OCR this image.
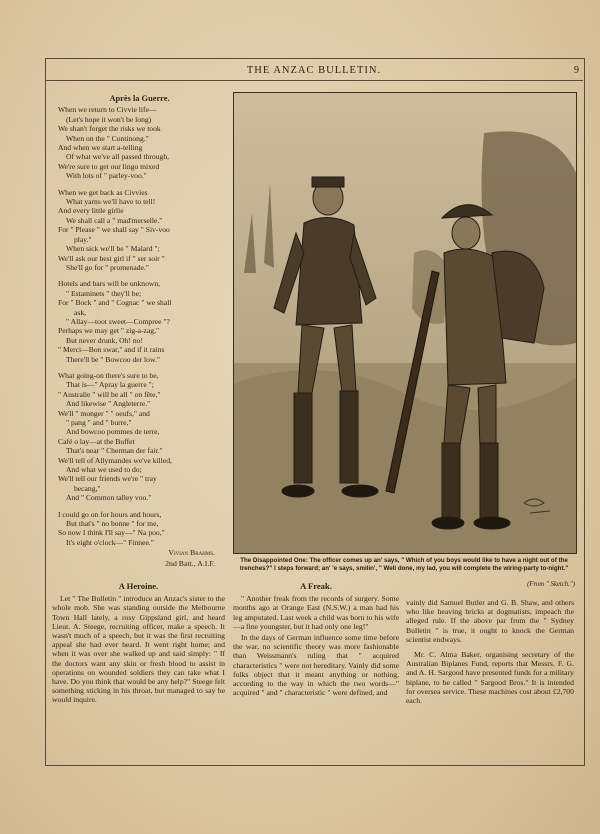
THE ANZAC BULLETIN.	9
Après la Guerre.
When we return to Civvie life—
(Let's hope it won't be long)
We shan't forget the risks we took
When on the " Continong."
And when we start a-telling
Of what we've all passed through,
We're sure to get our lingo mixed
With lots of " parley-voo."
When we get back as Civvies
What yarns we'll have to tell!
And every little girlie
We shall call a " mad'merselle."
For " Please " we shall say " Siv-voo
play."
When sick we'll be " Malard ";
We'll ask our best girl if " ser soir "
She'll go for " promenade."
Hotels and bars will be unknown,
" Estaminets " they'll be;
For " Bock " and " Cognac " we shall
ask,
" Allay—toot sweet—Compree "?
Perhaps we may get " zig-a-zag,"
But never drunk, Oh! no!
" Merci—Bon swar," and if it rains
There'll be " Bowcoo der low."
What going-on there's sure to be,
That is—" Apray la guerre ";
" Australie " will be all " on fête,"
And likewise " Angleterre."
We'll " monger " " oeufs," and
" pang " and " burre,"
And bowcoo pommes de terre,
Café o lay—at the Buffet
That's near " Cherman der fair."
We'll tell of Allymandes we've killed,
And what we used to do;
We'll tell our friends we're " tray
becang,"
And " Common talley voo."
I could go on for hours and hours,
But that's " no bonne " for me,
So now I think I'll say—" Na poo,"
It's eight o'clock—" Finnee."
Vivian Brahms.
2nd Batt., A.I.F.	The Disappointed One: The officer comes up an' says, " Which of you boys would like to have a night out of the trenches?" I steps forward; an' 'e says, smilin', " Well done, my lad, you will complete the wiring-party to-night."
(From " Sketch.")
A Heroine.

Let " The Bulletin " introduce an Anzac's sister to the whole mob. She was standing outside the Melbourne Town Hall lately, a rosy Gippsland girl, and heard Lieut. A. Steege, recruiting officer, make a speech. It wasn't much of a speech, but it was the first recruiting appeal she had ever heard. It went right home; and when it was over she walked up and said simply: " If the doctors want any skin or fresh blood to assist in operations on wounded soldiers they can take what I have. Do you think that would be any help?" Steege felt something sticking in his throat, but managed to say he would inquire.

A Freak.

" Another freak from the records of surgery. Some months ago at Orange East (N.S.W.) a man had his leg amputated. Last week a child was born to his wife—a fine youngster, but it had only one leg!"

In the days of German influence some time before the war, no scientific theory was more fashionable than Weissmann's ruling that " acquired characteristics " were not hereditary. Vainly did some folks object that it meant anything or nothing, according to the way in which the two words—" acquired " and " characteristic " were defined, and

vainly did Samuel Butler and G. B. Shaw, and others who like heaving bricks at dogmatists, impeach the alleged rule. If the above par from the " Sydney Bulletin " is true, it ought to knock the German scientist endways.

Mr. C. Alma Baker, organising secretary of the Australian Biplanes Fund, reports that Messrs. F. G. and A. H. Sargood have presented funds for a military biplane, to be called " Sargood Bros." It is intended for oversea service. These machines cost about £2,700 each.
